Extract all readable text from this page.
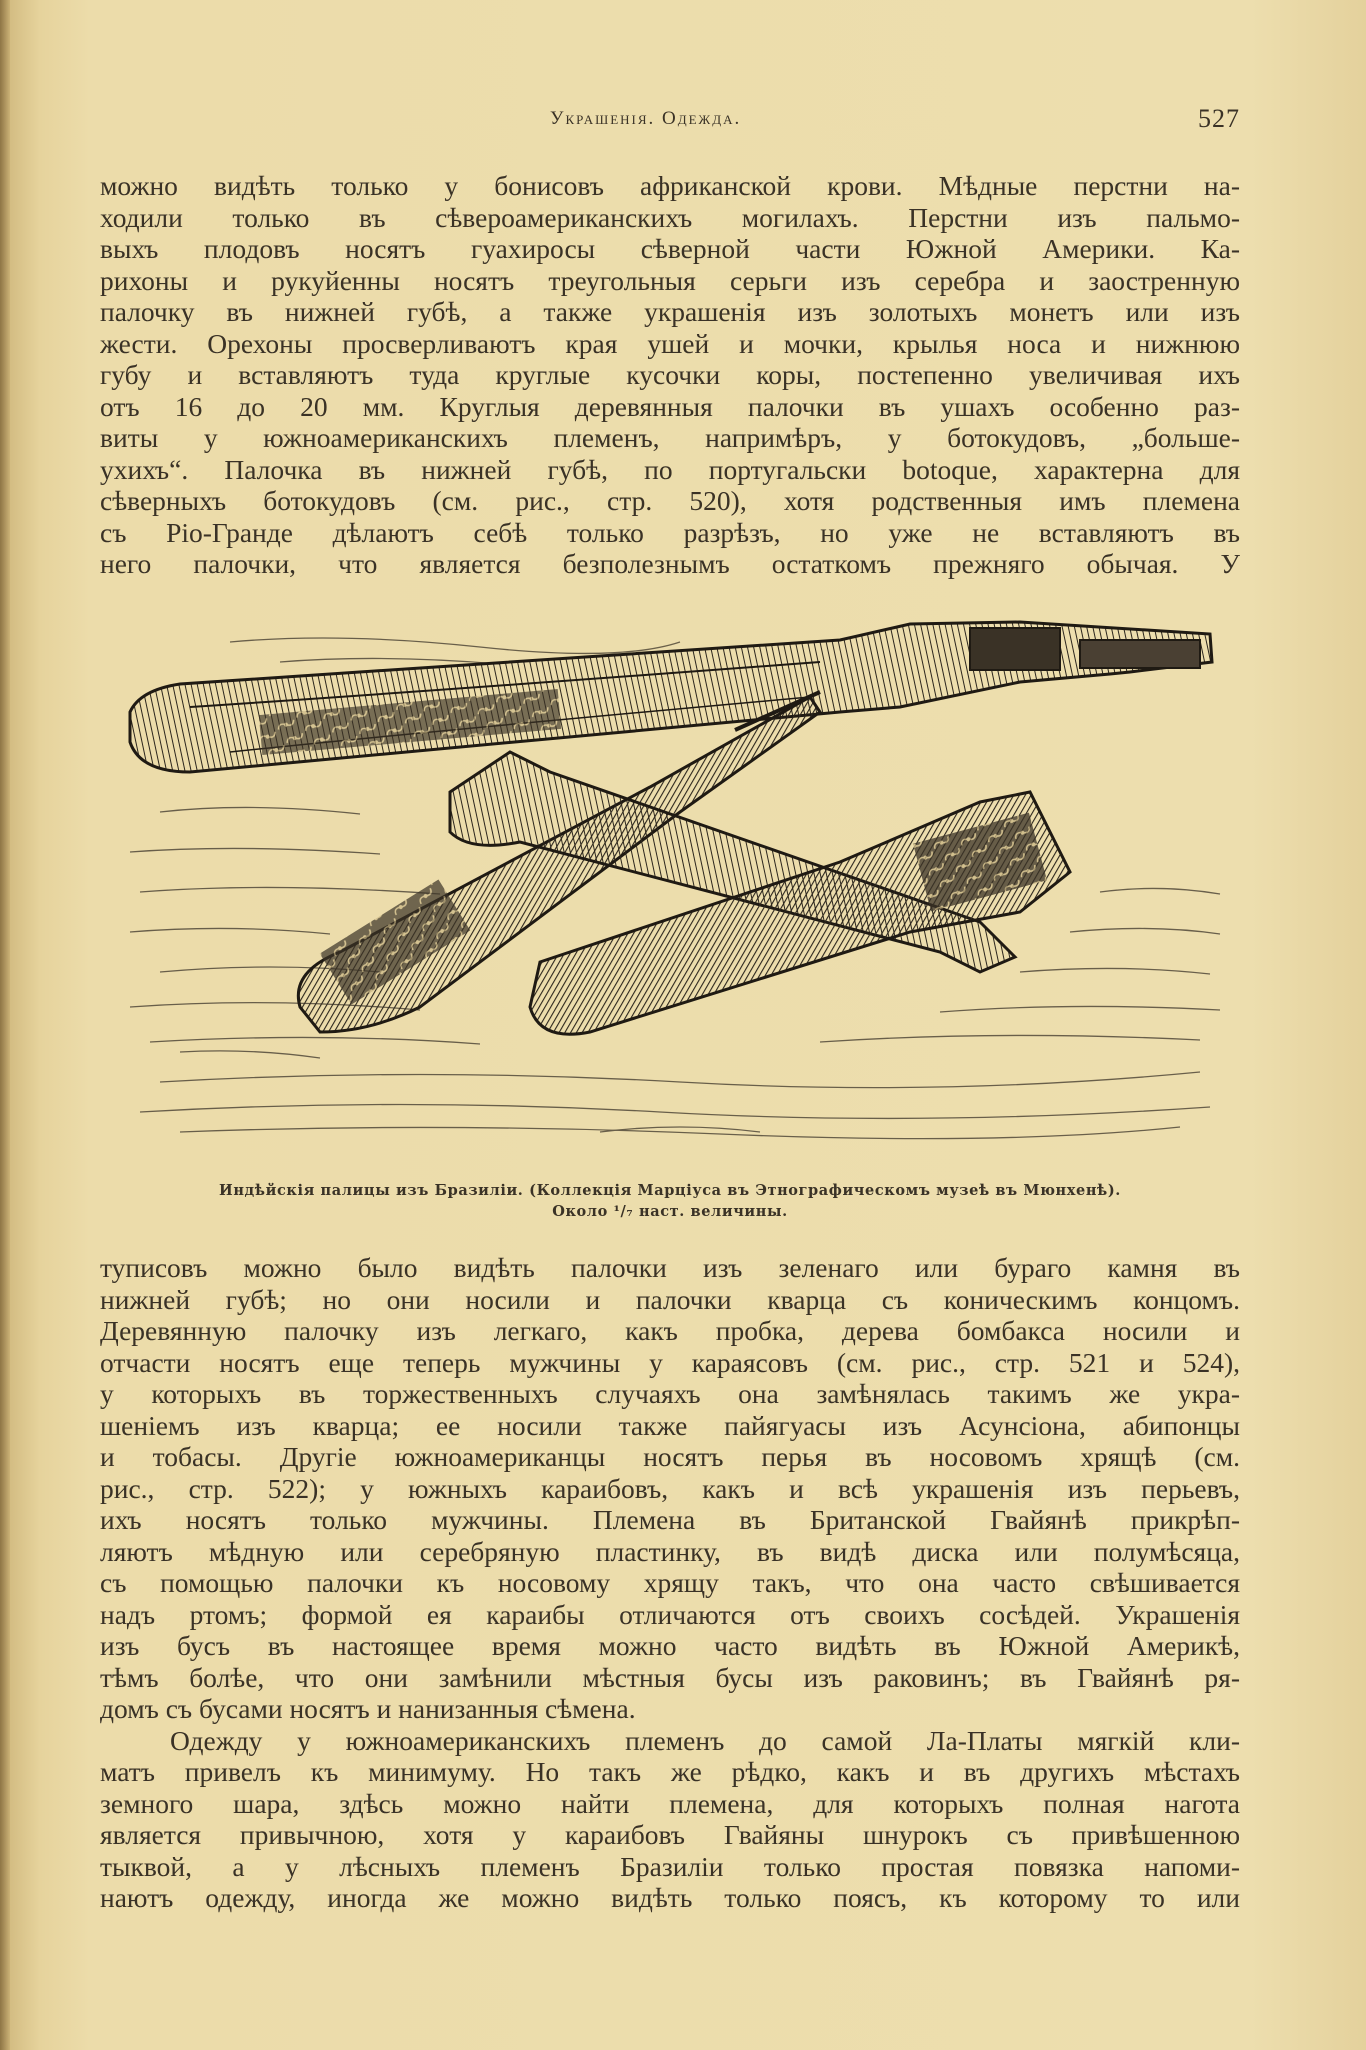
Украшенія. Одежда.	527
можно видѣть только у бонисовъ африканской крови. Мѣдные перстни на-
ходили только въ сѣвероамериканскихъ могилахъ. Перстни изъ пальмо-
выхъ плодовъ носятъ гуахиросы сѣверной части Южной Америки. Ка-
рихоны и рукуйенны носятъ треугольныя серьги изъ серебра и заостренную
палочку въ нижней губѣ, а также украшенія изъ золотыхъ монетъ или изъ
жести. Орехоны просверливаютъ края ушей и мочки, крылья носа и нижнюю
губу и вставляютъ туда круглые кусочки коры, постепенно увеличивая ихъ
отъ 16 до 20 мм. Круглыя деревянныя палочки въ ушахъ особенно раз-
виты у южноамериканскихъ племенъ, напримѣръ, у ботокудовъ, „больше-
ухихъ“. Палочка въ нижней губѣ, по португальски botoque, характерна для
сѣверныхъ ботокудовъ (см. рис., стр. 520), хотя родственныя имъ племена
съ Ріо-Гранде дѣлаютъ себѣ только разрѣзъ, но уже не вставляютъ въ
него палочки, что является безполезнымъ остаткомъ прежняго обычая. У
Индѣйскія палицы изъ Бразиліи. (Коллекція Марціуса въ Этнографическомъ музеѣ въ Мюнхенѣ).
Около ¹/₇ наст. величины.
туписовъ можно было видѣть палочки изъ зеленаго или бураго камня въ
нижней губѣ; но они носили и палочки кварца съ коническимъ концомъ.
Деревянную палочку изъ легкаго, какъ пробка, дерева бомбакса носили и
отчасти носятъ еще теперь мужчины у караясовъ (см. рис., стр. 521 и 524),
у которыхъ въ торжественныхъ случаяхъ она замѣнялась такимъ же укра-
шеніемъ изъ кварца; ее носили также пайягуасы изъ Асунсіона, абипонцы
и тобасы. Другіе южноамериканцы носятъ перья въ носовомъ хрящѣ (см.
рис., стр. 522); у южныхъ караибовъ, какъ и всѣ украшенія изъ перьевъ,
ихъ носятъ только мужчины. Племена въ Британской Гвайянѣ прикрѣп-
ляютъ мѣдную или серебряную пластинку, въ видѣ диска или полумѣсяца,
съ помощью палочки къ носовому хрящу такъ, что она часто свѣшивается
надъ ртомъ; формой ея караибы отличаются отъ своихъ сосѣдей. Украшенія
изъ бусъ въ настоящее время можно часто видѣть въ Южной Америкѣ,
тѣмъ болѣе, что они замѣнили мѣстныя бусы изъ раковинъ; въ Гвайянѣ ря-
домъ съ бусами носятъ и нанизанныя сѣмена.
Одежду у южноамериканскихъ племенъ до самой Ла-Платы мягкій кли-
матъ привелъ къ минимуму. Но такъ же рѣдко, какъ и въ другихъ мѣстахъ
земного шара, здѣсь можно найти племена, для которыхъ полная нагота
является привычною, хотя у караибовъ Гвайяны шнурокъ съ привѣшенною
тыквой, а у лѣсныхъ племенъ Бразиліи только простая повязка напоми-
наютъ одежду, иногда же можно видѣть только поясъ, къ которому то или
